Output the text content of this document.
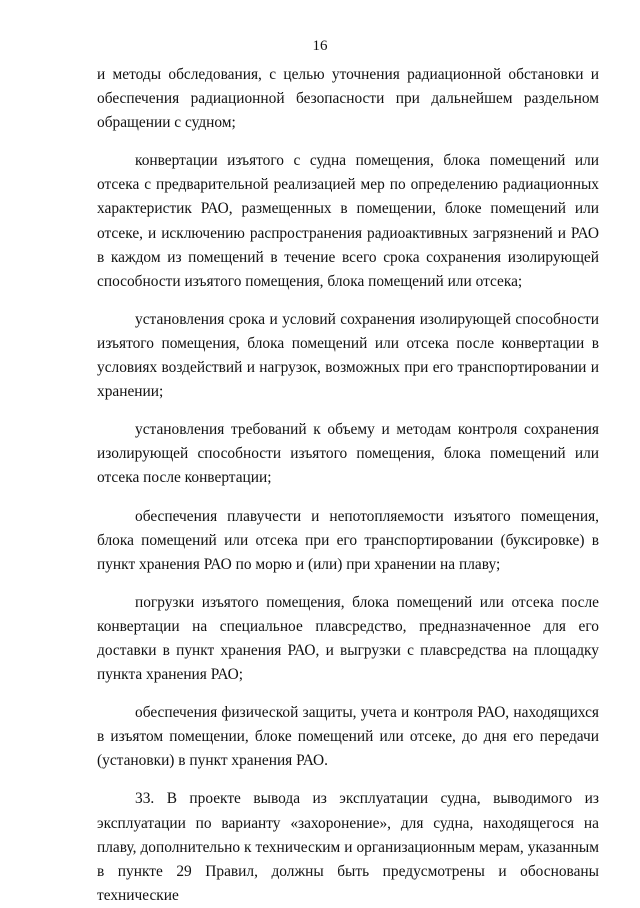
16

и методы обследования, с целью уточнения радиационной обстановки и обеспечения радиационной безопасности при дальнейшем раздельном обращении с судном;

конвертации изъятого с судна помещения, блока помещений или отсека с предварительной реализацией мер по определению радиационных характеристик РАО, размещенных в помещении, блоке помещений или отсеке, и исключению распространения радиоактивных загрязнений и РАО в каждом из помещений в течение всего срока сохранения изолирующей способности изъятого помещения, блока помещений или отсека;

установления срока и условий сохранения изолирующей способности изъятого помещения, блока помещений или отсека после конвертации в условиях воздействий и нагрузок, возможных при его транспортировании и хранении;

установления требований к объему и методам контроля сохранения изолирующей способности изъятого помещения, блока помещений или отсека после конвертации;

обеспечения плавучести и непотопляемости изъятого помещения, блока помещений или отсека при его транспортировании (буксировке) в пункт хранения РАО по морю и (или) при хранении на плаву;

погрузки изъятого помещения, блока помещений или отсека после конвертации на специальное плавсредство, предназначенное для его доставки в пункт хранения РАО, и выгрузки с плавсредства на площадку пункта хранения РАО;

обеспечения физической защиты, учета и контроля РАО, находящихся в изъятом помещении, блоке помещений или отсеке, до дня его передачи (установки) в пункт хранения РАО.

33. В проекте вывода из эксплуатации судна, выводимого из эксплуатации по варианту «захоронение», для судна, находящегося на плаву, дополнительно к техническим и организационным мерам, указанным в пункте 29 Правил, должны быть предусмотрены и обоснованы технические
